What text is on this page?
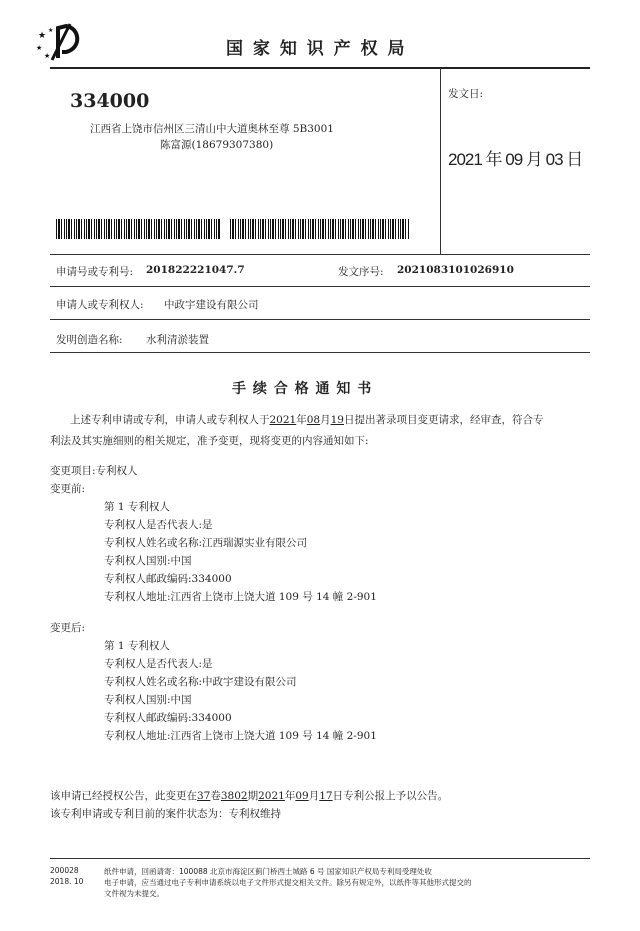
★
★
★
★
国 家 知 识 产 权 局
334000
江西省上饶市信州区三清山中大道奥林至尊 5B3001
陈富源(18679307380)
发文日:
2021 年 09 月 03 日
申请号或专利号: 201822221047.7	发文序号: 2021083101026910
申请人或专利权人: 中政宇建设有限公司
发明创造名称: 水利清淤装置
手 续 合 格 通 知 书
上述专利申请或专利，申请人或专利权人于2021年08月19日提出著录项目变更请求，经审查，符合专
利法及其实施细则的相关规定，准予变更，现将变更的内容通知如下:
变更项目:专利权人
变更前:
第 1 专利权人
专利权人是否代表人:是
专利权人姓名或名称:江西瑞源实业有限公司
专利权人国别:中国
专利权人邮政编码:334000
专利权人地址:江西省上饶市上饶大道 109 号 14 幢 2-901
变更后:
第 1 专利权人
专利权人是否代表人:是
专利权人姓名或名称:中政宇建设有限公司
专利权人国别:中国
专利权人邮政编码:334000
专利权人地址:江西省上饶市上饶大道 109 号 14 幢 2-901
该申请已经授权公告，此变更在37卷3802期2021年09月17日专利公报上予以公告。
该专利申请或专利目前的案件状态为：专利权维持
200028
2018. 10
纸件申请，回函请寄：100088 北京市海淀区蓟门桥西土城路 6 号 国家知识产权局专利局受理处收
电子申请，应当通过电子专利申请系统以电子文件形式提交相关文件。除另有规定外，以纸件等其他形式提交的
文件视为未提交。
